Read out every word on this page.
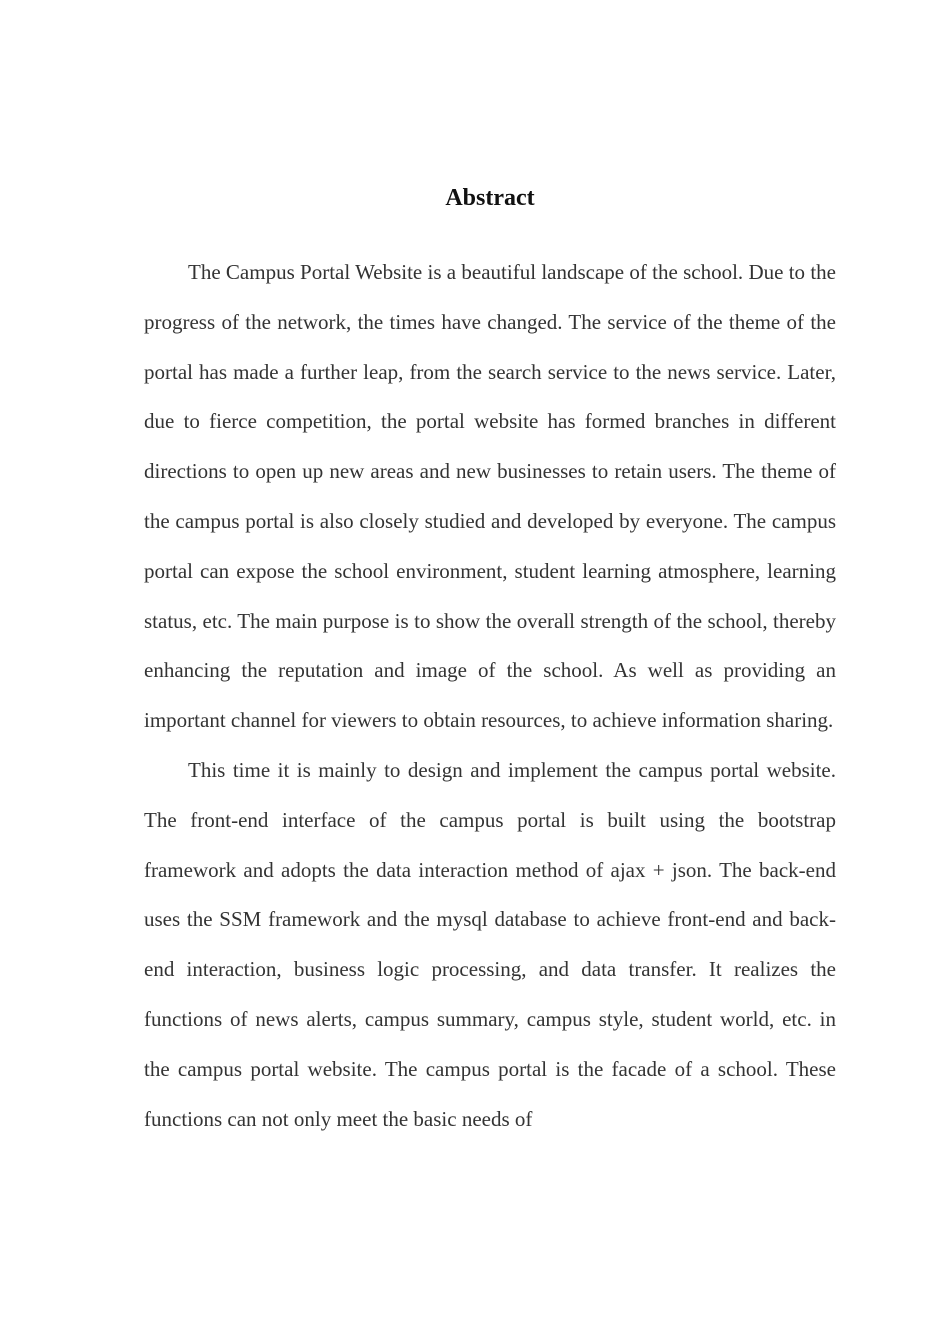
Abstract

The Campus Portal Website is a beautiful landscape of the school. Due to the progress of the network, the times have changed. The service of the theme of the portal has made a further leap, from the search service to the news service. Later, due to fierce competition, the portal website has formed branches in different directions to open up new areas and new businesses to retain users. The theme of the campus portal is also closely studied and developed by everyone. The campus portal can expose the school environment, student learning atmosphere, learning status, etc. The main purpose is to show the overall strength of the school, thereby enhancing the reputation and image of the school. As well as providing an important channel for viewers to obtain resources, to achieve information sharing.

This time it is mainly to design and implement the campus portal website. The front-end interface of the campus portal is built using the bootstrap framework and adopts the data interaction method of ajax + json. The back-end uses the SSM framework and the mysql database to achieve front-end and back-end interaction, business logic processing, and data transfer. It realizes the functions of news alerts, campus summary, campus style, student world, etc. in the campus portal website. The campus portal is the facade of a school. These functions can not only meet the basic needs of
